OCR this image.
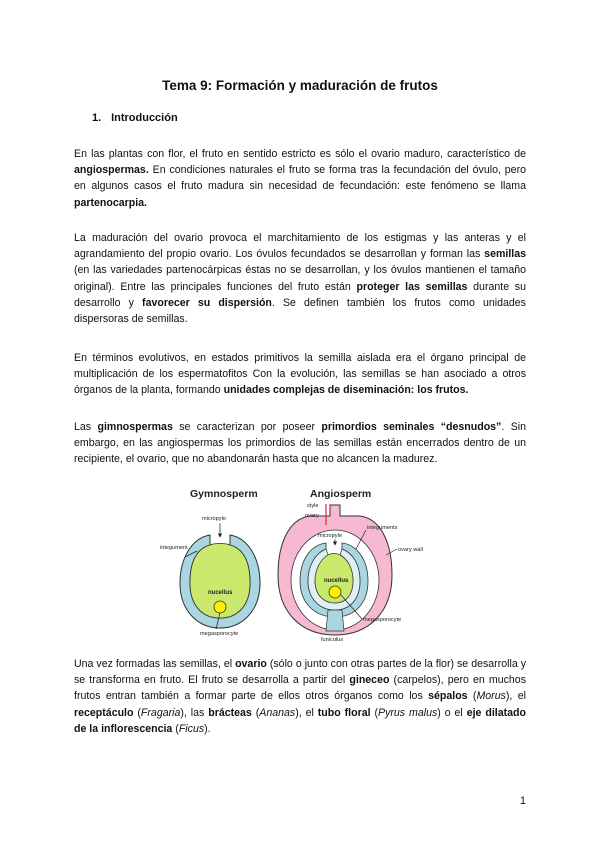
Tema 9: Formación y maduración de frutos
1. Introducción

En las plantas con flor, el fruto en sentido estricto es sólo el ovario maduro, característico de angiospermas. En condiciones naturales el fruto se forma tras la fecundación del óvulo, pero en algunos casos el fruto madura sin necesidad de fecundación: este fenómeno se llama partenocarpia.

La maduración del ovario provoca el marchitamiento de los estigmas y las anteras y el agrandamiento del propio ovario. Los óvulos fecundados se desarrollan y forman las semillas (en las variedades partenocárpicas éstas no se desarrollan, y los óvulos mantienen el tamaño original). Entre las principales funciones del fruto están proteger las semillas durante su desarrollo y favorecer su dispersión. Se definen también los frutos como unidades dispersoras de semillas.

En términos evolutivos, en estados primitivos la semilla aislada era el órgano principal de multiplicación de los espermatofitos Con la evolución, las semillas se han asociado a otros órganos de la planta, formando unidades complejas de diseminación: los frutos.

Las gimnospermas se caracterizan por poseer primordios seminales “desnudos”. Sin embargo, en las angiospermas los primordios de las semillas están encerrados dentro de un recipiente, el ovario, que no abandonarán hasta que no alcancen la madurez.

Gymnosperm	Angiosperm
nucellus
micropyle
integument
megasporocyte
nucellus
style
ovary
micropyle
integuments
ovary wall
megasporocyte
funiculus

Una vez formadas las semillas, el ovario (sólo o junto con otras partes de la flor) se desarrolla y se transforma en fruto. El fruto se desarrolla a partir del gineceo (carpelos), pero en muchos frutos entran también a formar parte de ellos otros órganos como los sépalos (Morus), el receptáculo (Fragaria), las brácteas (Ananas), el tubo floral (Pyrus malus) o el eje dilatado de la inflorescencia (Ficus).

1
